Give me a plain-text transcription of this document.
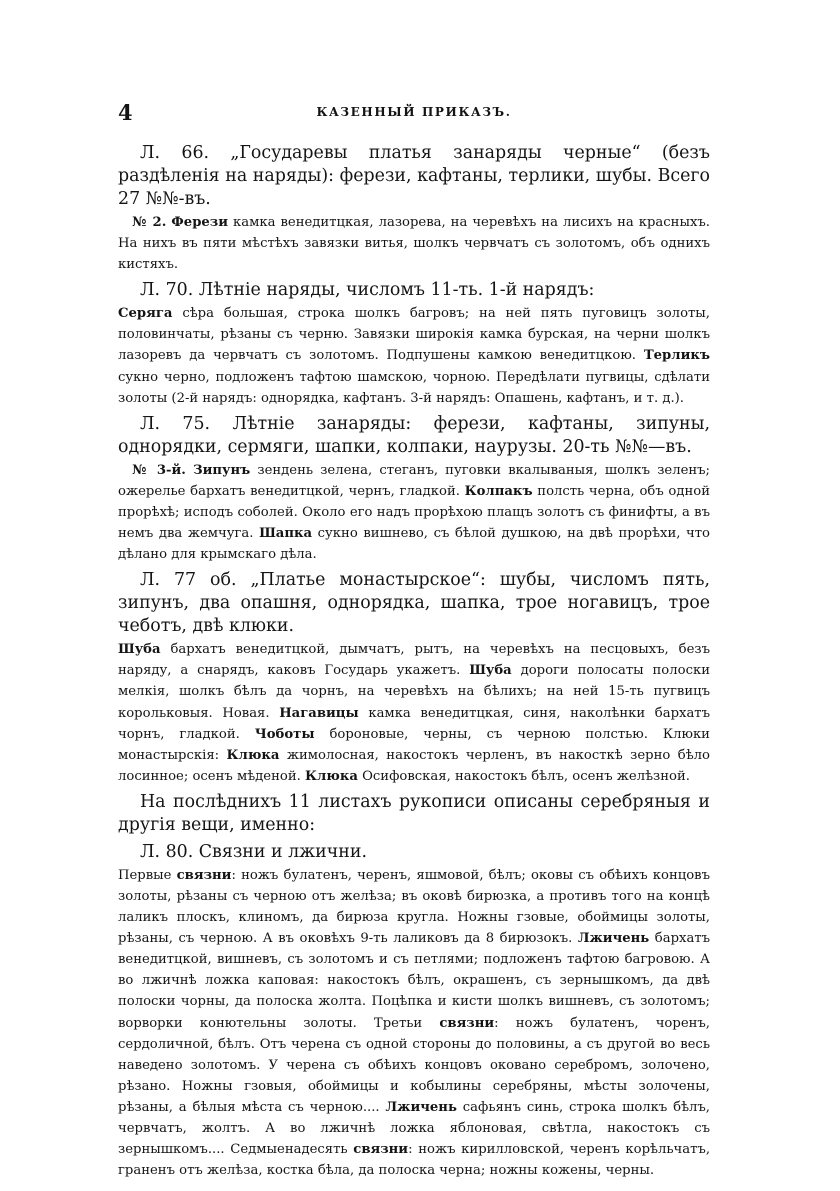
4	КАЗЕННЫЙ ПРИКАЗЪ.

Л. 66. „Государевы платья занаряды черные“ (безъ раздѣленія на наряды): ферези, кафтаны, терлики, шубы. Всего 27 №№-въ.

№ 2. Ферези камка венедитцкая, лазорева, на черевѣхъ на лисихъ на красныхъ. На нихъ въ пяти мѣстѣхъ завязки витья, шолкъ червчатъ съ золотомъ, объ однихъ кистяхъ.

Л. 70. Лѣтніе наряды, числомъ 11-ть. 1-й нарядъ:

Серяга сѣра большая, строка шолкъ багровъ; на ней пять пуговицъ золоты, половинчаты, рѣзаны съ черню. Завязки широкія камка бурская, на черни шолкъ лазоревъ да червчатъ съ золотомъ. Подпушены камкою венедитцкою. Терликъ сукно черно, подложенъ тафтою шамскою, чорною. Передѣлати пугвицы, сдѣлати золоты (2-й нарядъ: однорядка, кафтанъ. 3-й нарядъ: Опашень, кафтанъ, и т. д.).

Л. 75. Лѣтніе занаряды: ферези, кафтаны, зипуны, однорядки, сермяги, шапки, колпаки, наурузы. 20-ть №№—въ.

№ 3-й. Зипунъ зендень зелена, стеганъ, пуговки вкалываныя, шолкъ зеленъ; ожерелье бархатъ венедитцкой, чернъ, гладкой. Колпакъ полсть черна, объ одной прорѣхѣ; исподъ соболей. Около его надъ прорѣхою плащъ золотъ съ финифты, а въ немъ два жемчуга. Шапка сукно вишнево, съ бѣлой душкою, на двѣ прорѣхи, что дѣлано для крымскаго дѣла.

Л. 77 об. „Платье монастырское“: шубы, числомъ пять, зипунъ, два опашня, однорядка, шапка, трое ногавицъ, трое чеботъ, двѣ клюки.

Шуба бархатъ венедитцкой, дымчатъ, рытъ, на черевѣхъ на песцовыхъ, безъ наряду, а снарядъ, каковъ Государь укажетъ. Шуба дороги полосаты полоски мелкія, шолкъ бѣлъ да чорнъ, на черевѣхъ на бѣлихъ; на ней 15-ть пугвицъ корольковыя. Новая. Нагавицы камка венедитцкая, синя, наколѣнки бархатъ чорнъ, гладкой. Чоботы бороновые, черны, съ черною полстью. Клюки монастырскія: Клюка жимолосная, накостокъ черленъ, въ накосткѣ зерно бѣло лосинное; осенъ мѣденой. Клюка Осифовская, накостокъ бѣлъ, осенъ желѣзной.

На послѣднихъ 11 листахъ рукописи описаны серебряныя и другія вещи, именно:

Л. 80. Связни и лжични.

Первые связни: ножъ булатенъ, черенъ, яшмовой, бѣлъ; оковы съ обѣихъ концовъ золоты, рѣзаны съ черною отъ желѣза; въ оковѣ бирюзка, а противъ того на концѣ лаликъ плоскъ, клиномъ, да бирюза кругла. Ножны гзовые, обоймицы золоты, рѣзаны, съ черною. А въ оковѣхъ 9-ть лаликовъ да 8 бирюзокъ. Лжичень бархатъ венедитцкой, вишневъ, съ золотомъ и съ петлями; подложенъ тафтою багровою. А во лжичнѣ ложка каповая: накостокъ бѣлъ, окрашенъ, съ зернышкомъ, да двѣ полоски чорны, да полоска жолта. Поцѣпка и кисти шолкъ вишневъ, съ золотомъ; ворворки конютельны золоты. Третьи связни: ножъ булатенъ, чоренъ, сердоличной, бѣлъ. Отъ черена съ одной стороны до половины, а съ другой во весь наведено золотомъ. У черена съ обѣихъ концовъ оковано серебромъ, золочено, рѣзано. Ножны гзовыя, обоймицы и кобылины серебряны, мѣсты золочены, рѣзаны, а бѣлыя мѣста съ черною.... Лжичень сафьянъ синь, строка шолкъ бѣлъ, червчатъ, жолтъ. А во лжичнѣ ложка яблоновая, свѣтла, накостокъ съ зернышкомъ.... Седмыенадесять связни: ножъ кирилловской, черенъ корѣльчатъ, граненъ отъ желѣза, костка бѣла, да полоска черна; ножны кожены, черны.
